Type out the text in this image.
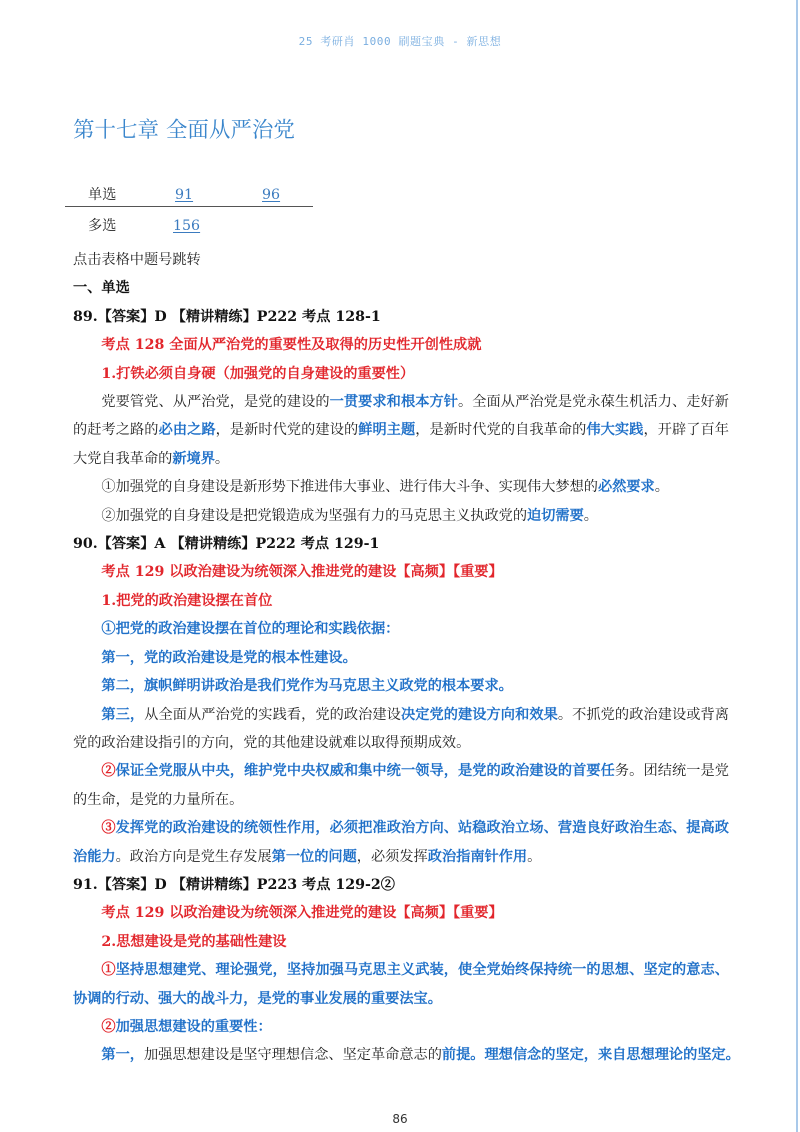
25 考研肖 1000 刷题宝典 - 新思想
第十七章 全面从严治党
单选	91	96
多选	156
点击表格中题号跳转
一、单选
89.【答案】D 【精讲精练】P222 考点 128-1
考点 128 全面从严治党的重要性及取得的历史性开创性成就
1.打铁必须自身硬（加强党的自身建设的重要性）
党要管党、从严治党，是党的建设的一贯要求和根本方针。全面从严治党是党永葆生机活力、走好新的赶考之路的必由之路，是新时代党的建设的鲜明主题，是新时代党的自我革命的伟大实践，开辟了百年大党自我革命的新境界。
①加强党的自身建设是新形势下推进伟大事业、进行伟大斗争、实现伟大梦想的必然要求。
②加强党的自身建设是把党锻造成为坚强有力的马克思主义执政党的迫切需要。
90.【答案】A 【精讲精练】P222 考点 129-1
考点 129 以政治建设为统领深入推进党的建设【高频】【重要】
1.把党的政治建设摆在首位
①把党的政治建设摆在首位的理论和实践依据：
第一，党的政治建设是党的根本性建设。
第二，旗帜鲜明讲政治是我们党作为马克思主义政党的根本要求。
第三，从全面从严治党的实践看，党的政治建设决定党的建设方向和效果。不抓党的政治建设或背离党的政治建设指引的方向，党的其他建设就难以取得预期成效。
②保证全党服从中央，维护党中央权威和集中统一领导，是党的政治建设的首要任务。团结统一是党的生命，是党的力量所在。
③发挥党的政治建设的统领性作用，必须把准政治方向、站稳政治立场、营造良好政治生态、提高政治能力。政治方向是党生存发展第一位的问题，必须发挥政治指南针作用。
91.【答案】D 【精讲精练】P223 考点 129-2②
考点 129 以政治建设为统领深入推进党的建设【高频】【重要】
2.思想建设是党的基础性建设
①坚持思想建党、理论强党，坚持加强马克思主义武装，使全党始终保持统一的思想、坚定的意志、协调的行动、强大的战斗力，是党的事业发展的重要法宝。
②加强思想建设的重要性：
第一，加强思想建设是坚守理想信念、坚定革命意志的前提。理想信念的坚定，来自思想理论的坚定。
86
